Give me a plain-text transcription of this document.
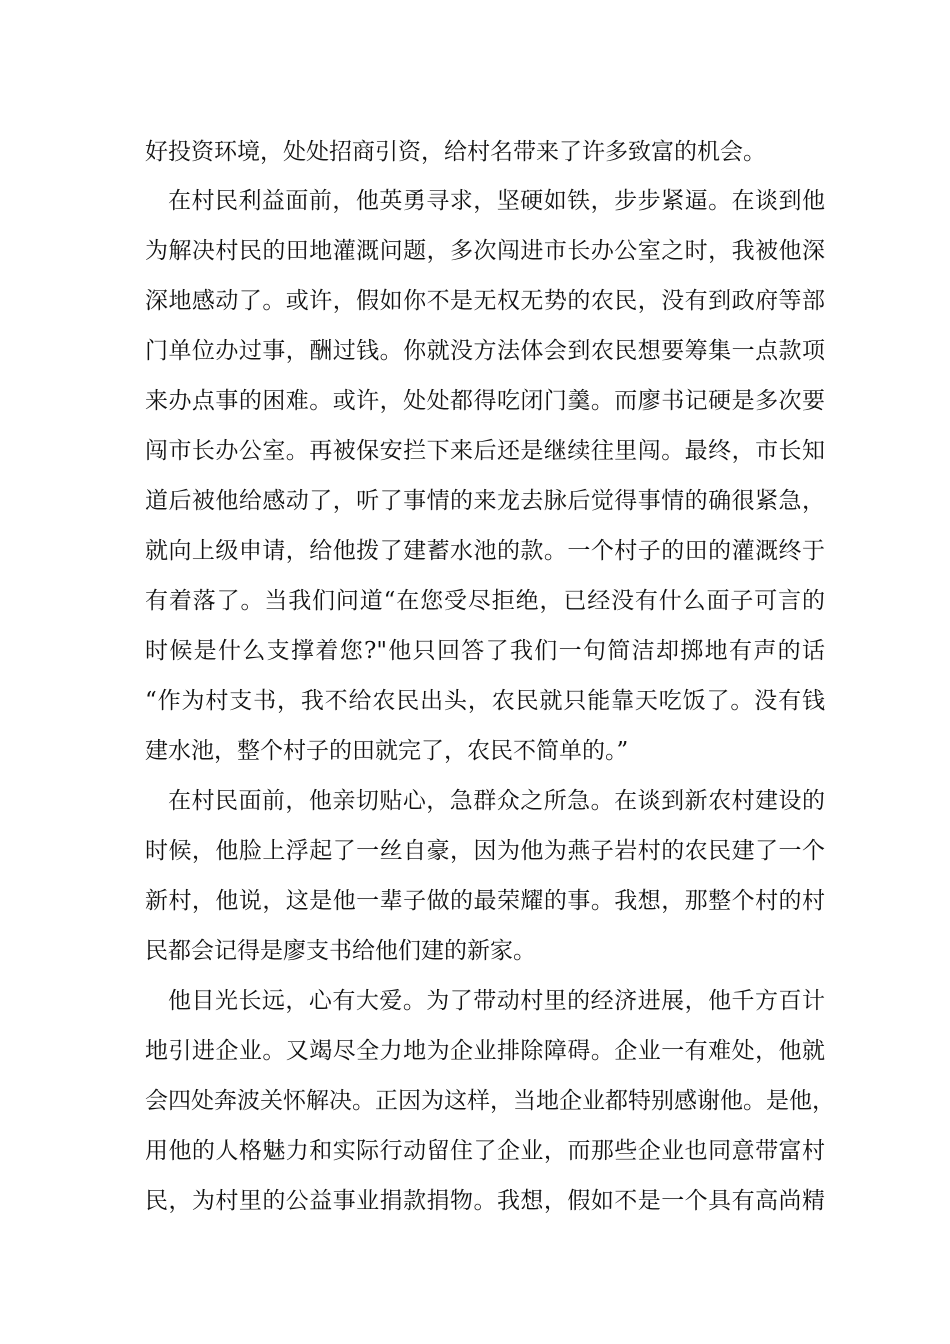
好投资环境，处处招商引资，给村名带来了许多致富的机会。
在村民利益面前，他英勇寻求，坚硬如铁，步步紧逼。在谈到他
为解决村民的田地灌溉问题，多次闯进市长办公室之时，我被他深
深地感动了。或许，假如你不是无权无势的农民，没有到政府等部
门单位办过事，酬过钱。你就没方法体会到农民想要筹集一点款项
来办点事的困难。或许，处处都得吃闭门羹。而廖书记硬是多次要
闯市长办公室。再被保安拦下来后还是继续往里闯。最终，市长知
道后被他给感动了，听了事情的来龙去脉后觉得事情的确很紧急，
就向上级申请，给他拨了建蓄水池的款。一个村子的田的灌溉终于
有着落了。当我们问道“在您受尽拒绝，已经没有什么面子可言的
时候是什么支撑着您?"他只回答了我们一句简洁却掷地有声的话
“作为村支书，我不给农民出头，农民就只能靠天吃饭了。没有钱
建水池，整个村子的田就完了，农民不简单的。”
在村民面前，他亲切贴心，急群众之所急。在谈到新农村建设的
时候，他脸上浮起了一丝自豪，因为他为燕子岩村的农民建了一个
新村，他说，这是他一辈子做的最荣耀的事。我想，那整个村的村
民都会记得是廖支书给他们建的新家。
他目光长远，心有大爱。为了带动村里的经济进展，他千方百计
地引进企业。又竭尽全力地为企业排除障碍。企业一有难处，他就
会四处奔波关怀解决。正因为这样，当地企业都特别感谢他。是他，
用他的人格魅力和实际行动留住了企业，而那些企业也同意带富村
民，为村里的公益事业捐款捐物。我想，假如不是一个具有高尚精
